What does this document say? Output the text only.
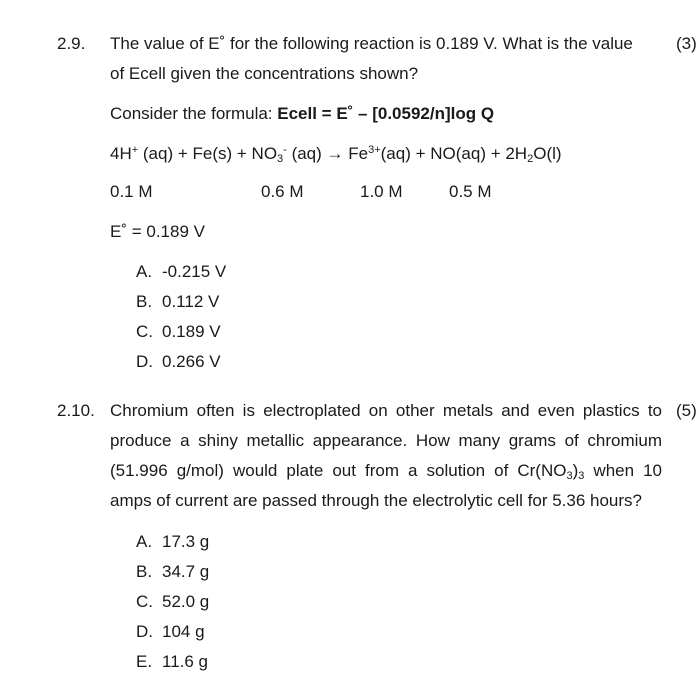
2.9. The value of E˚ for the following reaction is 0.189 V. What is the value	(3)
of Ecell given the concentrations shown?
Consider the formula: Ecell = E˚ – [0.0592/n]log Q
4H+ $(aq) + Fe(s) + NO_3^-$ $(aq) \to Fe^{3+}(aq) + NO(aq) + 2H_2O(l)$
0.1 M	0.6 M	1.0 M	0.5 M
E˚ = 0.189 V
A. -0.215 V
B. 0.112 V
C. 0.189 V
D. 0.266 V
2.10. Chromium often is electroplated on other metals and even plastics to (5)
produce a shiny metallic appearance. How many grams of chromium
(51.996 g/mol) would plate out from a solution of $Cr(NO_3)_3$ when 10
amps of current are passed through the electrolytic cell for 5.36 hours?
A. 17.3 g
B. 34.7 g
C. 52.0 g
D. 104 g
E. 11.6 g
